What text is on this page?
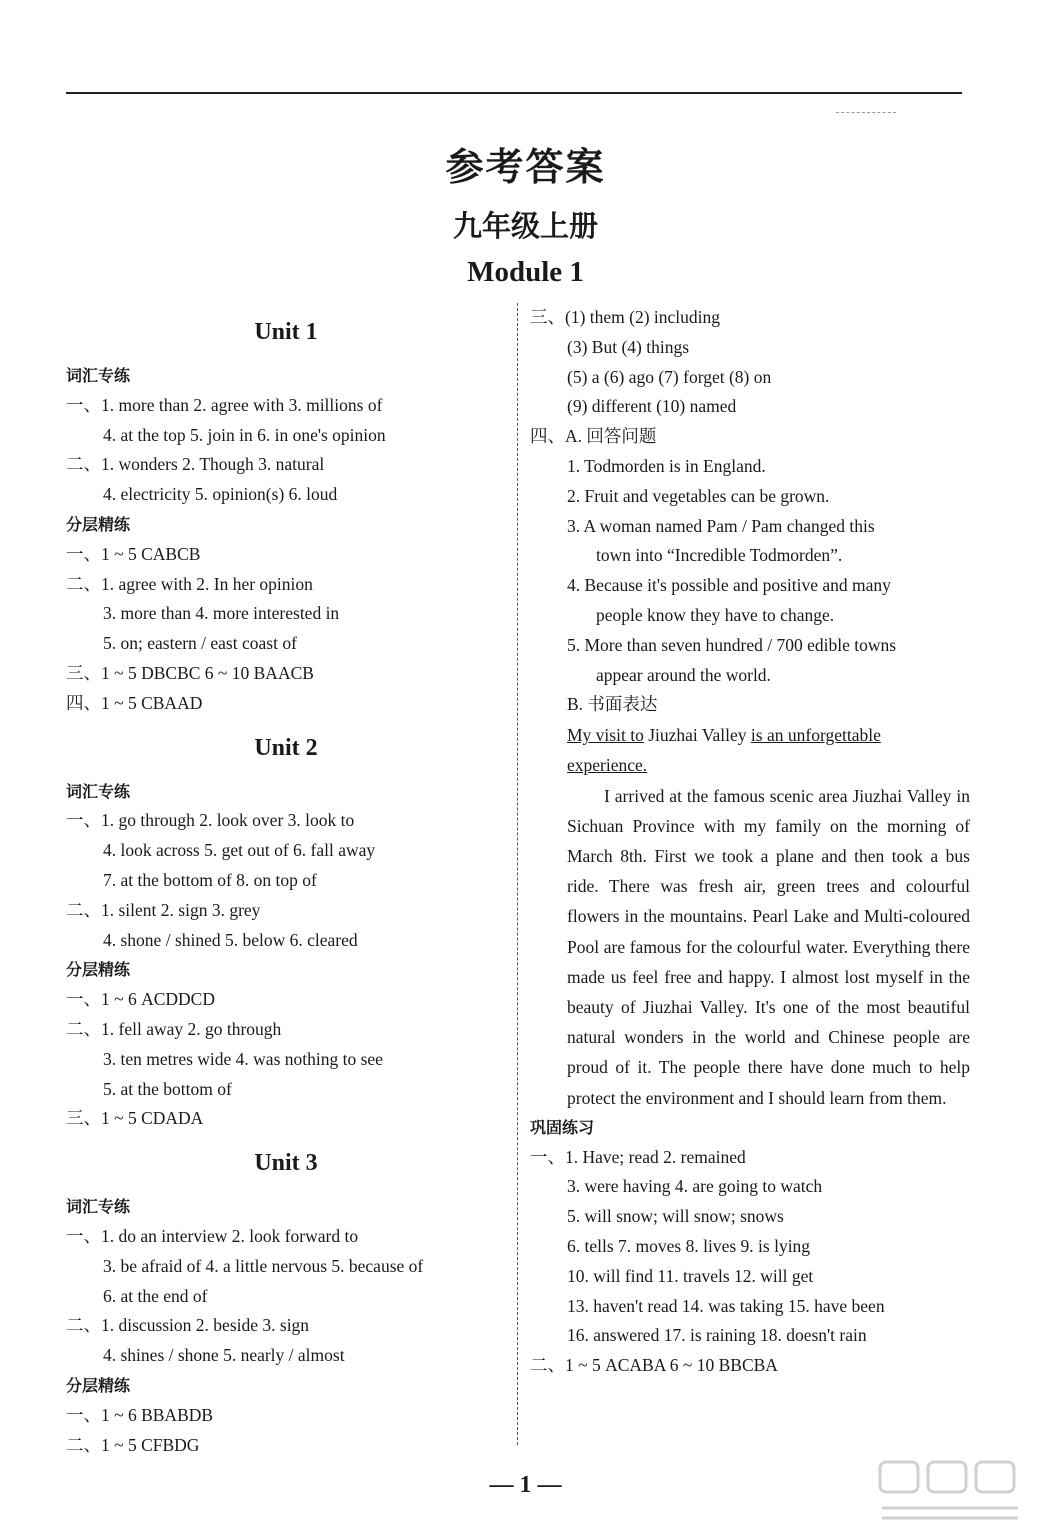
参考答案
九年级上册
Module 1
Unit 1
词汇专练
一、1. more than 2. agree with 3. millions of
4. at the top 5. join in 6. in one's opinion
二、1. wonders 2. Though 3. natural
4. electricity 5. opinion(s) 6. loud
分层精练
一、1 ~ 5 CABCB
二、1. agree with 2. In her opinion
3. more than 4. more interested in
5. on; eastern / east coast of
三、1 ~ 5 DBCBC 6 ~ 10 BAACB
四、1 ~ 5 CBAAD
Unit 2
词汇专练
一、1. go through 2. look over 3. look to
4. look across 5. get out of 6. fall away
7. at the bottom of 8. on top of
二、1. silent 2. sign 3. grey
4. shone / shined 5. below 6. cleared
分层精练
一、1 ~ 6 ACDDCD
二、1. fell away 2. go through
3. ten metres wide 4. was nothing to see
5. at the bottom of
三、1 ~ 5 CDADA
Unit 3
词汇专练
一、1. do an interview 2. look forward to
3. be afraid of 4. a little nervous 5. because of
6. at the end of
二、1. discussion 2. beside 3. sign
4. shines / shone 5. nearly / almost
分层精练
一、1 ~ 6 BBABDB
二、1 ~ 5 CFBDG
三、(1) them (2) including
(3) But (4) things
(5) a (6) ago (7) forget (8) on
(9) different (10) named
四、A. 回答问题
1. Todmorden is in England.
2. Fruit and vegetables can be grown.
3. A woman named Pam / Pam changed this
town into “Incredible Todmorden”.
4. Because it's possible and positive and many
people know they have to change.
5. More than seven hundred / 700 edible towns
appear around the world.
B. 书面表达
My visit to Jiuzhai Valley is an unforgettable
experience.
I arrived at the famous scenic area Jiuzhai Valley in Sichuan Province with my family on the morning of March 8th. First we took a plane and then took a bus ride. There was fresh air, green trees and colourful flowers in the mountains. Pearl Lake and Multi-coloured Pool are famous for the colourful water. Everything there made us feel free and happy. I almost lost myself in the beauty of Jiuzhai Valley. It's one of the most beautiful natural wonders in the world and Chinese people are proud of it. The people there have done much to help protect the environment and I should learn from them.
巩固练习
一、1. Have; read 2. remained
3. were having 4. are going to watch
5. will snow; will snow; snows
6. tells 7. moves 8. lives 9. is lying
10. will find 11. travels 12. will get
13. haven't read 14. was taking 15. have been
16. answered 17. is raining 18. doesn't rain
二、1 ~ 5 ACABA 6 ~ 10 BBCBA
— 1 —
